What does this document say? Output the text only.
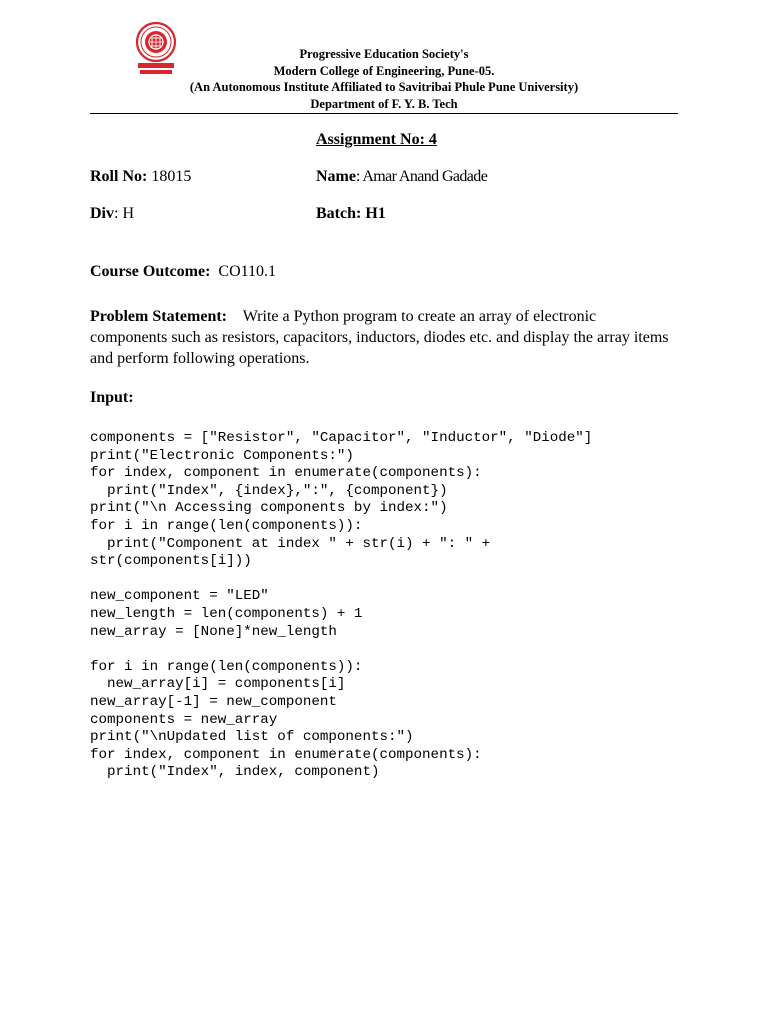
Progressive Education Society's
Modern College of Engineering, Pune-05.
(An Autonomous Institute Affiliated to Savitribai Phule Pune University)
Department of F. Y. B. Tech
Assignment No: 4
Roll No: 18015	Name: Amar Anand Gadade
Div: H	Batch: H1
Course Outcome: CO110.1
Problem Statement: Write a Python program to create an array of electronic components such as resistors, capacitors, inductors, diodes etc. and display the array items and perform following operations.
Input:
components = ["Resistor", "Capacitor", "Inductor", "Diode"]
print("Electronic Components:")
for index, component in enumerate(components):
print("Index", {index},":", {component})
print("\n Accessing components by index:")
for i in range(len(components)):
print("Component at index " + str(i) + ": " +
str(components[i]))

new_component = "LED"
new_length = len(components) + 1
new_array = [None]*new_length

for i in range(len(components)):
new_array[i] = components[i]
new_array[-1] = new_component
components = new_array
print("\nUpdated list of components:")
for index, component in enumerate(components):
print("Index", index, component)
